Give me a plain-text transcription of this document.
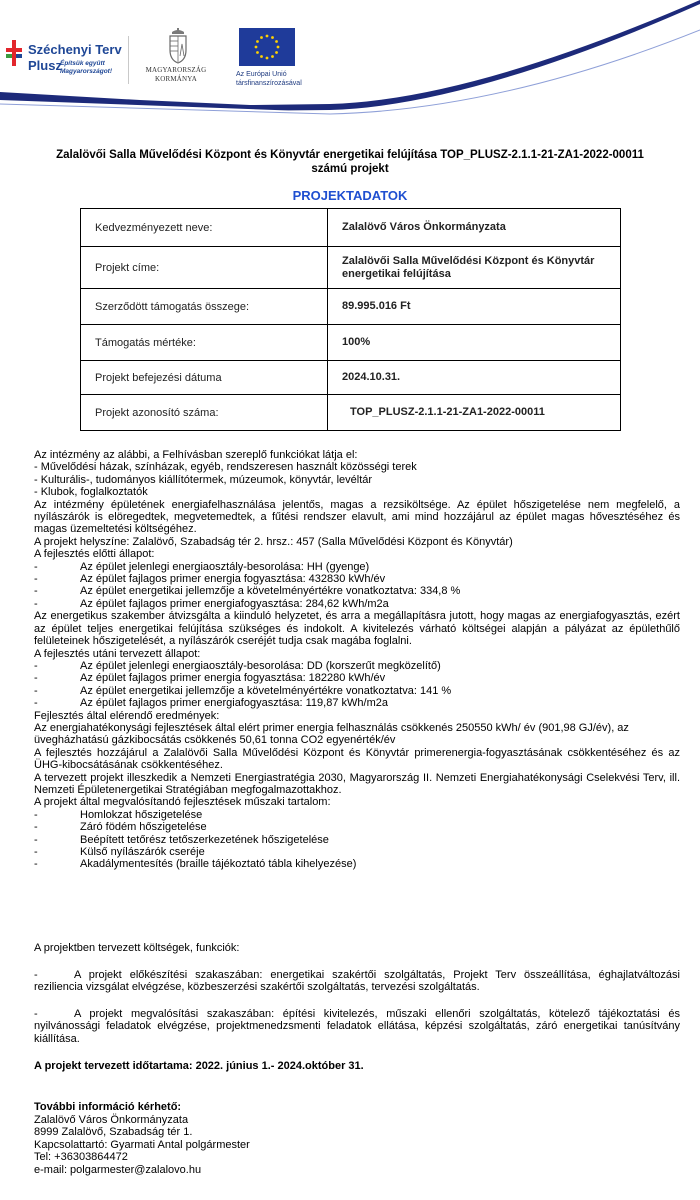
Széchenyi Terv
Plusz
Építsük együtt
Magyarországot!	MAGYARORSZÁG
KORMÁNYA
Az Európai Unió
társfinanszírozásával
Zalalövői Salla Művelődési Központ és Könyvtár energetikai felújítása TOP_PLUSZ-2.1.1-21-ZA1-2022-00011
számú projekt
PROJEKTADATOK
Kedvezményezett neve:	Zalalövő Város Önkormányzata
Projekt címe:	Zalalövői Salla Művelődési Központ és Könyvtár energetikai felújítása
Szerződött támogatás összege:	89.995.016 Ft
Támogatás mértéke:	100%
Projekt befejezési dátuma	2024.10.31.
Projekt azonosító száma:	TOP_PLUSZ-2.1.1-21-ZA1-2022-00011

Az intézmény az alábbi, a Felhívásban szereplő funkciókat látja el:

- Művelődési házak, színházak, egyéb, rendszeresen használt közösségi terek

- Kulturális-, tudományos kiállítótermek, múzeumok, könyvtár, levéltár

- Klubok, foglalkoztatók

Az intézmény épületének energiafelhasználása jelentős, magas a rezsiköltsége. Az épület hőszigetelése nem megfelelő, a nyílászárók is elöregedtek, megvetemedtek, a fűtési rendszer elavult, ami mind hozzájárul az épület magas hővesztéséhez és magas üzemeltetési költségéhez.

A projekt helyszíne: Zalalövő, Szabadság tér 2. hrsz.: 457 (Salla Művelődési Központ és Könyvtár)

A fejlesztés előtti állapot:

-	Az épület jelenlegi energiaosztály-besorolása: HH (gyenge)
-	Az épület fajlagos primer energia fogyasztása: 432830 kWh/év
-	Az épület energetikai jellemzője a követelményértékre vonatkoztatva: 334,8 %
-	Az épület fajlagos primer energiafogyasztása: 284,62 kWh/m2a

Az energetikus szakember átvizsgálta a kiinduló helyzetet, és arra a megállapításra jutott, hogy magas az energiafogyasztás, ezért az épület teljes energetikai felújítása szükséges és indokolt. A kivitelezés várható költségei alapján a pályázat az épülethűlő felületeinek hőszigetelését, a nyílászárók cseréjét tudja csak magába foglalni.

A fejlesztés utáni tervezett állapot:

-	Az épület jelenlegi energiaosztály-besorolása: DD (korszerűt megközelítő)
-	Az épület fajlagos primer energia fogyasztása: 182280 kWh/év
-	Az épület energetikai jellemzője a követelményértékre vonatkoztatva: 141 %
-	Az épület fajlagos primer energiafogyasztása: 119,87 kWh/m2a

Fejlesztés által elérendő eredmények:

Az energiahatékonysági fejlesztések által elért primer energia felhasználás csökkenés 250550 kWh/ év (901,98 GJ/év), az üvegházhatású gázkibocsátás csökkenés 50,61 tonna CO2 egyenérték/év

A fejlesztés hozzájárul a Zalalövői Salla Művelődési Központ és Könyvtár primerenergia-fogyasztásának csökkentéséhez és az ÜHG-kibocsátásának csökkentéséhez.

A tervezett projekt illeszkedik a Nemzeti Energiastratégia 2030, Magyarország II. Nemzeti Energiahatékonysági Cselekvési Terv, ill. Nemzeti Épületenergetikai Stratégiában megfogalmazottakhoz.

A projekt által megvalósítandó fejlesztések műszaki tartalom:

-	Homlokzat hőszigetelése
-	Záró födém hőszigetelése
-	Beépített tetőrész tetőszerkezetének hőszigetelése
-	Külső nyílászárók cseréje
-	Akadálymentesítés (braille tájékoztató tábla kihelyezése)

A projektben tervezett költségek, funkciók:

-	A projekt előkészítési szakaszában: energetikai szakértői szolgáltatás, Projekt Terv összeállítása, éghajlatváltozási reziliencia vizsgálat elvégzése, közbeszerzési szakértői szolgáltatás, tervezési szolgáltatás.

-	A projekt megvalósítási szakaszában: építési kivitelezés, műszaki ellenőri szolgáltatás, kötelező tájékoztatási és nyilvánossági feladatok elvégzése, projektmenedzsmenti feladatok ellátása, képzési szolgáltatás, záró energetikai tanúsítvány kiállítása.

A projekt tervezett időtartama: 2022. június 1.- 2024.október 31.

További információ kérhető:

Zalalövő Város Önkormányzata

8999 Zalalövő, Szabadság tér 1.

Kapcsolattartó: Gyarmati Antal polgármester

Tel: +36303864472

e-mail: polgarmester@zalalovo.hu
